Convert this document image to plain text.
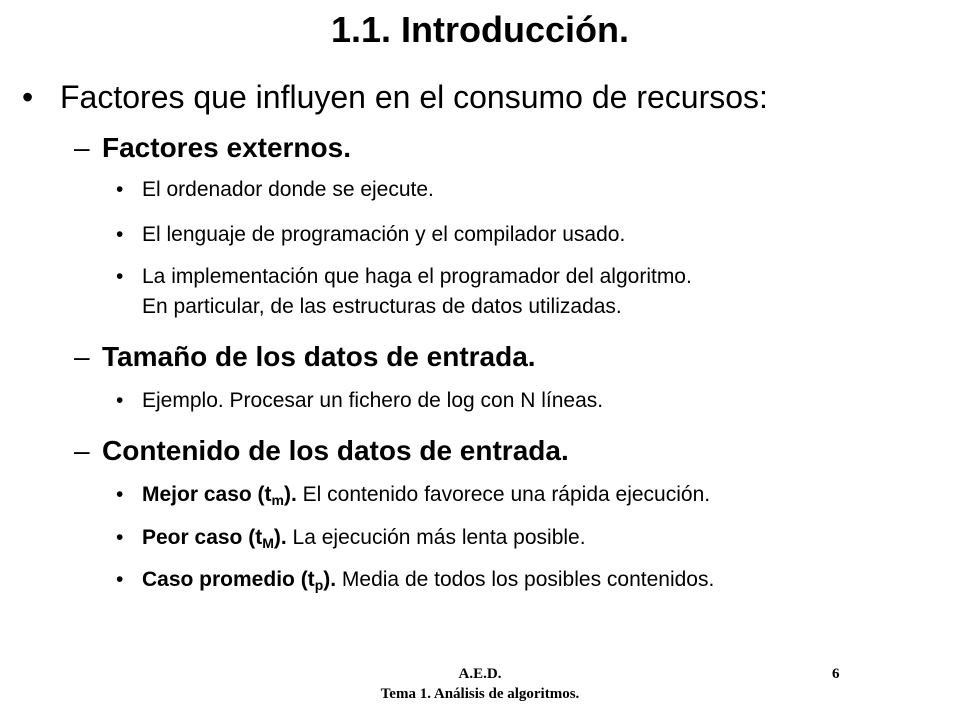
1.1. Introducción.
• Factores que influyen en el consumo de recursos:
– Factores externos.
• El ordenador donde se ejecute.
• El lenguaje de programación y el compilador usado.
• La implementación que haga el programador del algoritmo.
En particular, de las estructuras de datos utilizadas.
– Tamaño de los datos de entrada.
• Ejemplo. Procesar un fichero de log con N líneas.
– Contenido de los datos de entrada.
• Mejor caso $(t_m)$. El contenido favorece una rápida ejecución.
• Peor caso $(t_M)$. La ejecución más lenta posible.
• Caso promedio $(t_p)$. Media de todos los posibles contenidos.
A.E.D.
Tema 1. Análisis de algoritmos.
6
